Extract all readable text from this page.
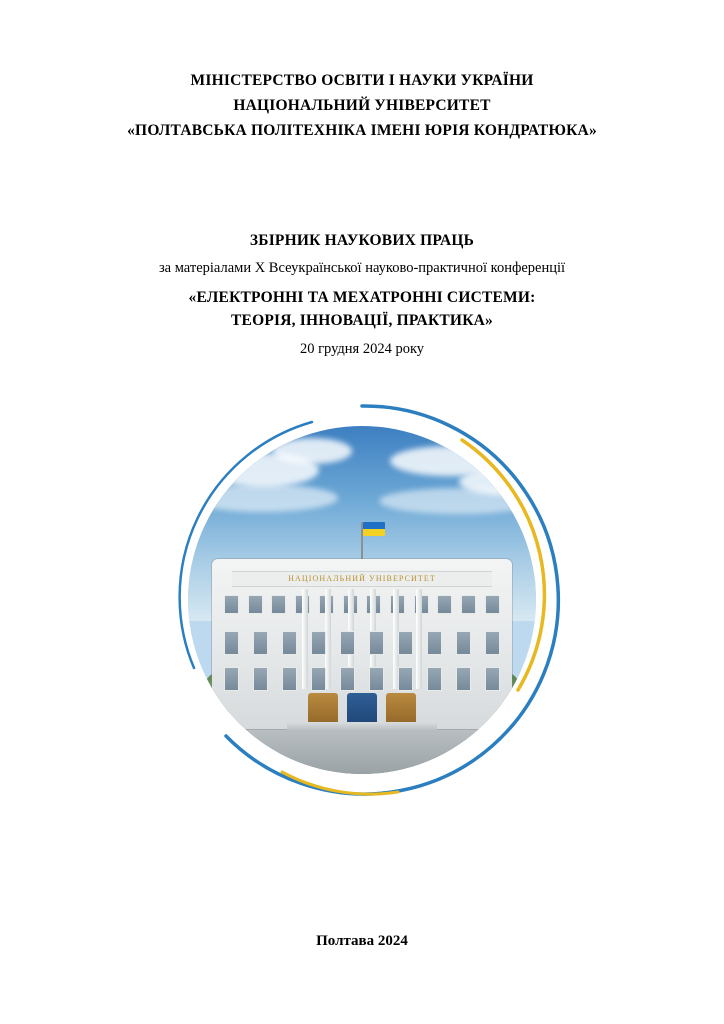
МІНІСТЕРСТВО ОСВІТИ І НАУКИ УКРАЇНИ
НАЦІОНАЛЬНИЙ УНІВЕРСИТЕТ
«ПОЛТАВСЬКА ПОЛІТЕХНІКА ІМЕНІ ЮРІЯ КОНДРАТЮКА»
ЗБІРНИК НАУКОВИХ ПРАЦЬ
за матеріалами X Всеукраїнської науково-практичної конференції
«ЕЛЕКТРОННІ ТА МЕХАТРОННІ СИСТЕМИ:
ТЕОРІЯ, ІННОВАЦІЇ, ПРАКТИКА»
20 грудня 2024 року
НАЦІОНАЛЬНИЙ УНІВЕРСИТЕТ
Полтава 2024
